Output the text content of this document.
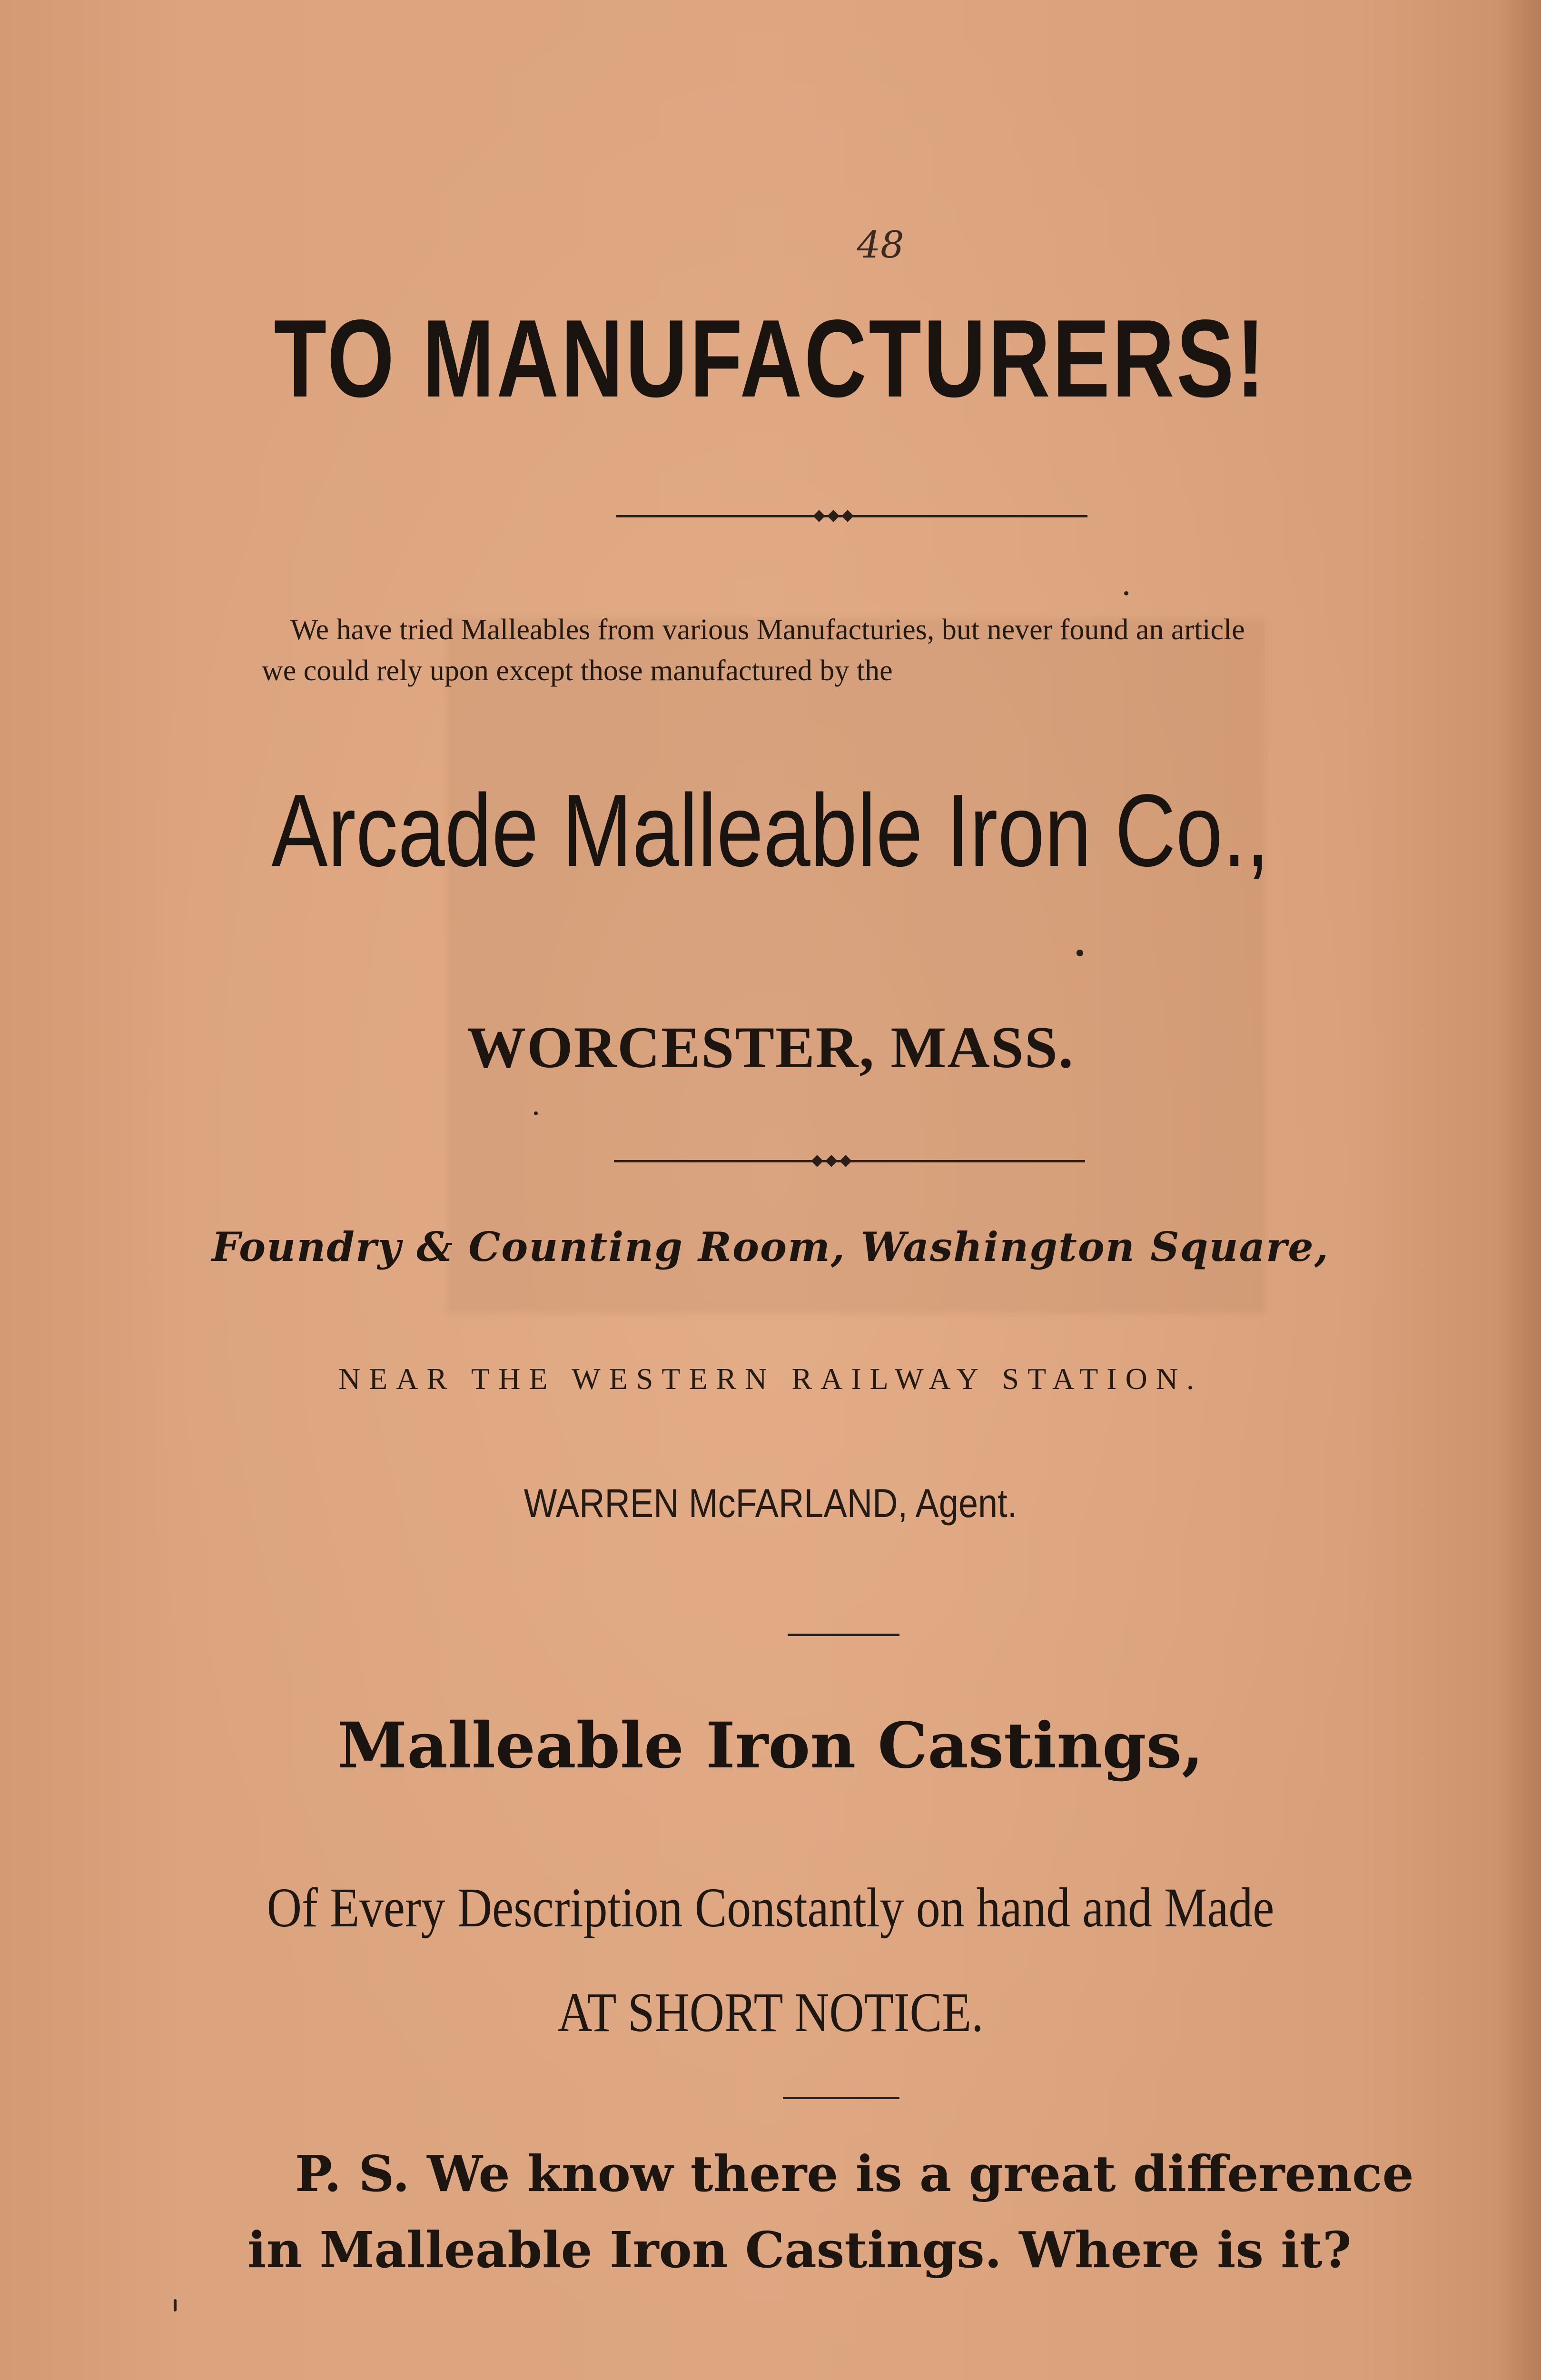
48
TO MANUFACTURERS!
We have tried Malleables from various Manufacturies, but never found an article
we could rely upon except those manufactured by the
Arcade Malleable Iron Co.,
WORCESTER, MASS.
Foundry & Counting Room, Washington Square,
NEAR THE WESTERN RAILWAY STATION.
WARREN McFARLAND, Agent.
Malleable Iron Castings,
Of Every Description Constantly on hand and Made
AT SHORT NOTICE.
P. S. We know there is a great difference
in Malleable Iron Castings. Where is it?
